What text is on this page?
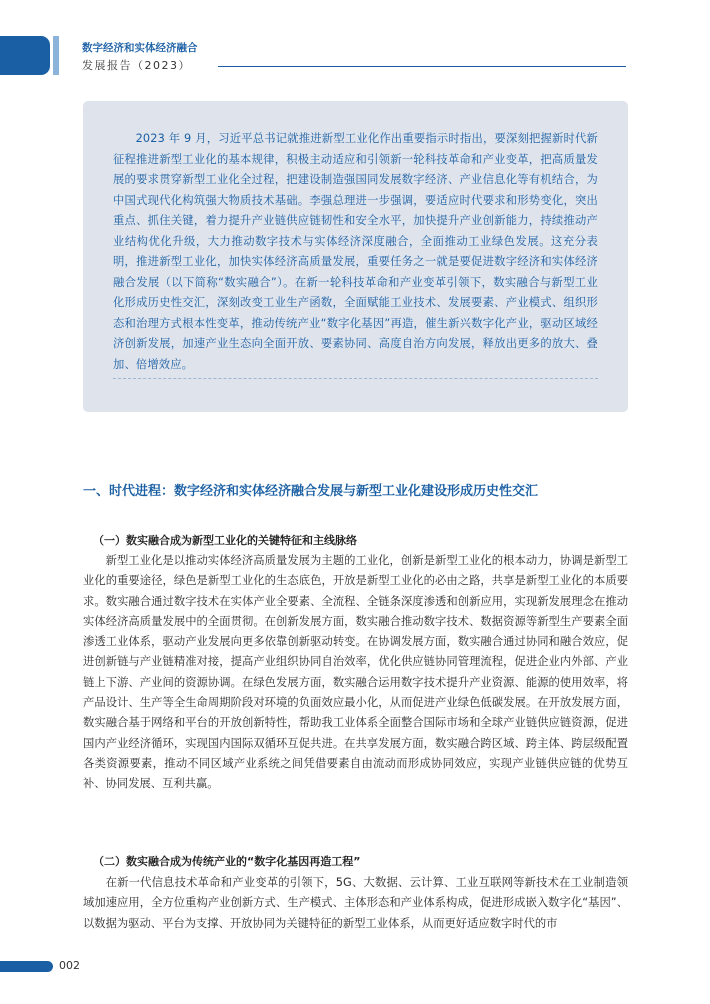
数字经济和实体经济融合
发展报告（2023）

2023 年 9 月，习近平总书记就推进新型工业化作出重要指示时指出，要深刻把握新时代新征程推进新型工业化的基本规律，积极主动适应和引领新一轮科技革命和产业变革，把高质量发展的要求贯穿新型工业化全过程，把建设制造强国同发展数字经济、产业信息化等有机结合，为中国式现代化构筑强大物质技术基础。李强总理进一步强调，要适应时代要求和形势变化，突出重点、抓住关键，着力提升产业链供应链韧性和安全水平，加快提升产业创新能力，持续推动产业结构优化升级，大力推动数字技术与实体经济深度融合，全面推动工业绿色发展。这充分表明，推进新型工业化，加快实体经济高质量发展，重要任务之一就是要促进数字经济和实体经济融合发展（以下简称“数实融合”）。在新一轮科技革命和产业变革引领下，数实融合与新型工业化形成历史性交汇，深刻改变工业生产函数，全面赋能工业技术、发展要素、产业模式、组织形态和治理方式根本性变革，推动传统产业“数字化基因”再造，催生新兴数字化产业，驱动区域经济创新发展，加速产业生态向全面开放、要素协同、高度自治方向发展，释放出更多的放大、叠加、倍增效应。

一、时代进程：数字经济和实体经济融合发展与新型工业化建设形成历史性交汇
（一）数实融合成为新型工业化的关键特征和主线脉络

新型工业化是以推动实体经济高质量发展为主题的工业化，创新是新型工业化的根本动力，协调是新型工业化的重要途径，绿色是新型工业化的生态底色，开放是新型工业化的必由之路，共享是新型工业化的本质要求。数实融合通过数字技术在实体产业全要素、全流程、全链条深度渗透和创新应用，实现新发展理念在推动实体经济高质量发展中的全面贯彻。在创新发展方面，数实融合推动数字技术、数据资源等新型生产要素全面渗透工业体系，驱动产业发展向更多依靠创新驱动转变。在协调发展方面，数实融合通过协同和融合效应，促进创新链与产业链精准对接，提高产业组织协同自治效率，优化供应链协同管理流程，促进企业内外部、产业链上下游、产业间的资源协调。在绿色发展方面，数实融合运用数字技术提升产业资源、能源的使用效率，将产品设计、生产等全生命周期阶段对环境的负面效应最小化，从而促进产业绿色低碳发展。在开放发展方面，数实融合基于网络和平台的开放创新特性，帮助我工业体系全面整合国际市场和全球产业链供应链资源，促进国内产业经济循环，实现国内国际双循环互促共进。在共享发展方面，数实融合跨区域、跨主体、跨层级配置各类资源要素，推动不同区域产业系统之间凭借要素自由流动而形成协同效应，实现产业链供应链的优势互补、协同发展、互利共赢。

（二）数实融合成为传统产业的“数字化基因再造工程”

在新一代信息技术革命和产业变革的引领下，5G、大数据、云计算、工业互联网等新技术在工业制造领域加速应用，全方位重构产业创新方式、生产模式、主体形态和产业体系构成，促进形成嵌入数字化“基因”、以数据为驱动、平台为支撑、开放协同为关键特征的新型工业体系，从而更好适应数字时代的市

002
